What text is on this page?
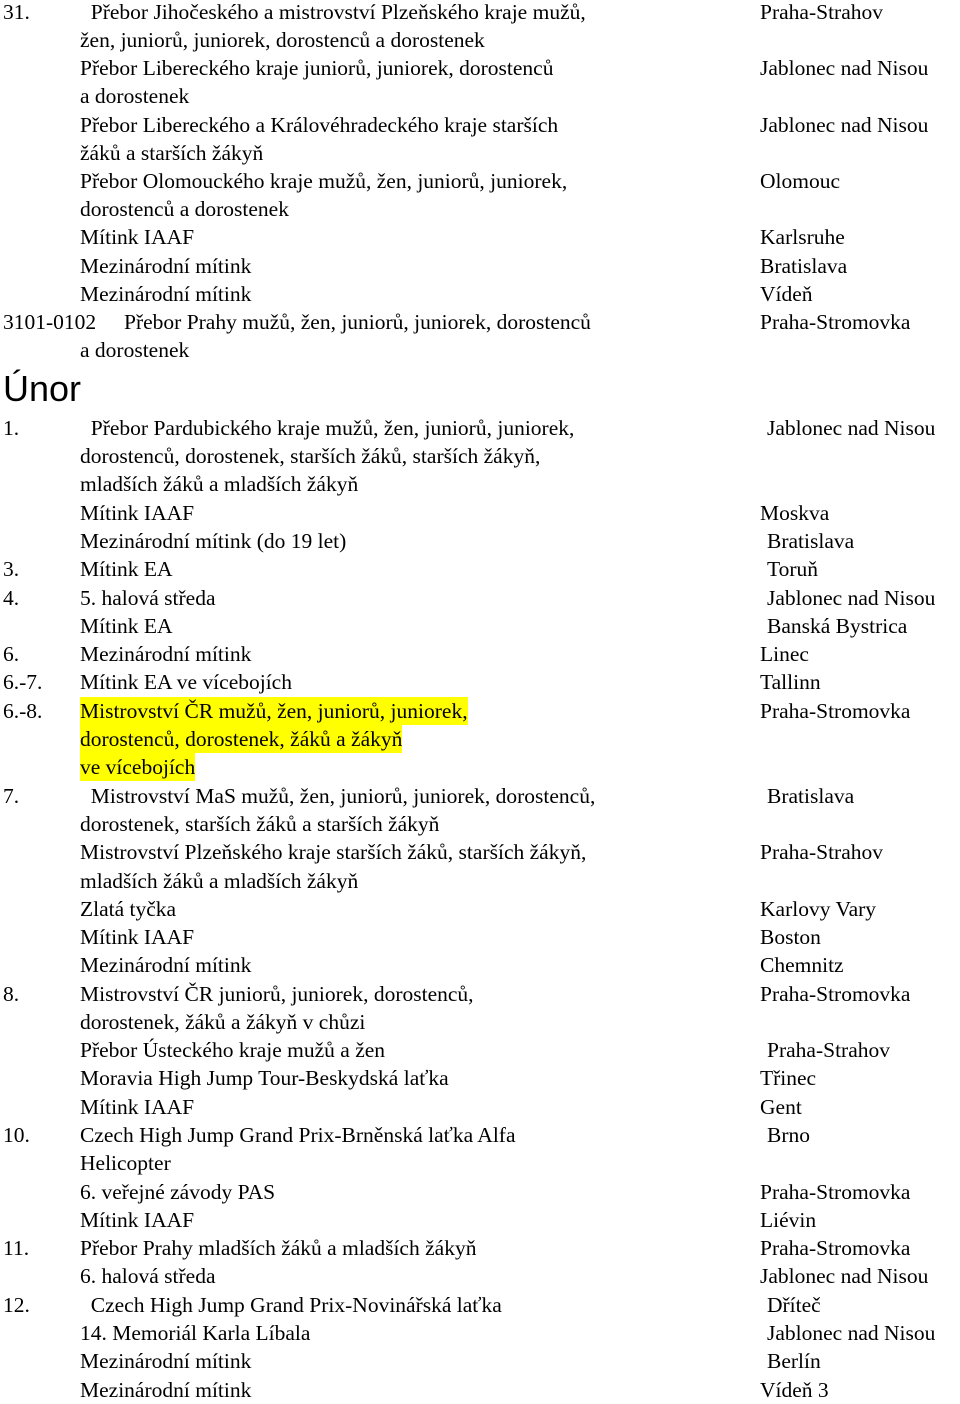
31. Přebor Jihočeského a mistrovství Plzeňského kraje mužů,	Praha-Strahov
žen, juniorů, juniorek, dorostenců a dorostenek
Přebor Libereckého kraje juniorů, juniorek, dorostenců	Jablonec nad Nisou
a dorostenek
Přebor Libereckého a Královéhradeckého kraje starších	Jablonec nad Nisou
žáků a starších žákyň
Přebor Olomouckého kraje mužů, žen, juniorů, juniorek,	Olomouc
dorostenců a dorostenek
Mítink IAAF	Karlsruhe
Mezinárodní mítink	Bratislava
Mezinárodní mítink	Vídeň
3101-0102 Přebor Prahy mužů, žen, juniorů, juniorek, dorostenců	Praha-Stromovka
a dorostenek
Únor
1.	Přebor Pardubického kraje mužů, žen, juniorů, juniorek,	Jablonec nad Nisou
dorostenců, dorostenek, starších žáků, starších žákyň,
mladších žáků a mladších žákyň
Mítink IAAF	Moskva
Mezinárodní mítink (do 19 let)	Bratislava
3.	Mítink EA	Toruň
4.	5. halová středa	Jablonec nad Nisou
Mítink EA	Banská Bystrica
6.	Mezinárodní mítink	Linec
6.-7. Mítink EA ve vícebojích	Tallinn
6.-8. Mistrovství ČR mužů, žen, juniorů, juniorek,	Praha-Stromovka
dorostenců, dorostenek, žáků a žákyň
ve vícebojích
7.	Mistrovství MaS mužů, žen, juniorů, juniorek, dorostenců,	Bratislava
dorostenek, starších žáků a starších žákyň
Mistrovství Plzeňského kraje starších žáků, starších žákyň,	Praha-Strahov
mladších žáků a mladších žákyň
Zlatá tyčka	Karlovy Vary
Mítink IAAF	Boston
Mezinárodní mítink	Chemnitz
8.	Mistrovství ČR juniorů, juniorek, dorostenců,	Praha-Stromovka
dorostenek, žáků a žákyň v chůzi
Přebor Ústeckého kraje mužů a žen	Praha-Strahov
Moravia High Jump Tour-Beskydská laťka	Třinec
Mítink IAAF	Gent
10. Czech High Jump Grand Prix-Brněnská laťka Alfa	Brno
Helicopter
6. veřejné závody PAS	Praha-Stromovka
Mítink IAAF	Liévin
11. Přebor Prahy mladších žáků a mladších žákyň	Praha-Stromovka
6. halová středa	Jablonec nad Nisou
12. Czech High Jump Grand Prix-Novinářská laťka	Dříteč
14. Memoriál Karla Líbala	Jablonec nad Nisou
Mezinárodní mítink	Berlín
Mezinárodní mítink	Vídeň 3
